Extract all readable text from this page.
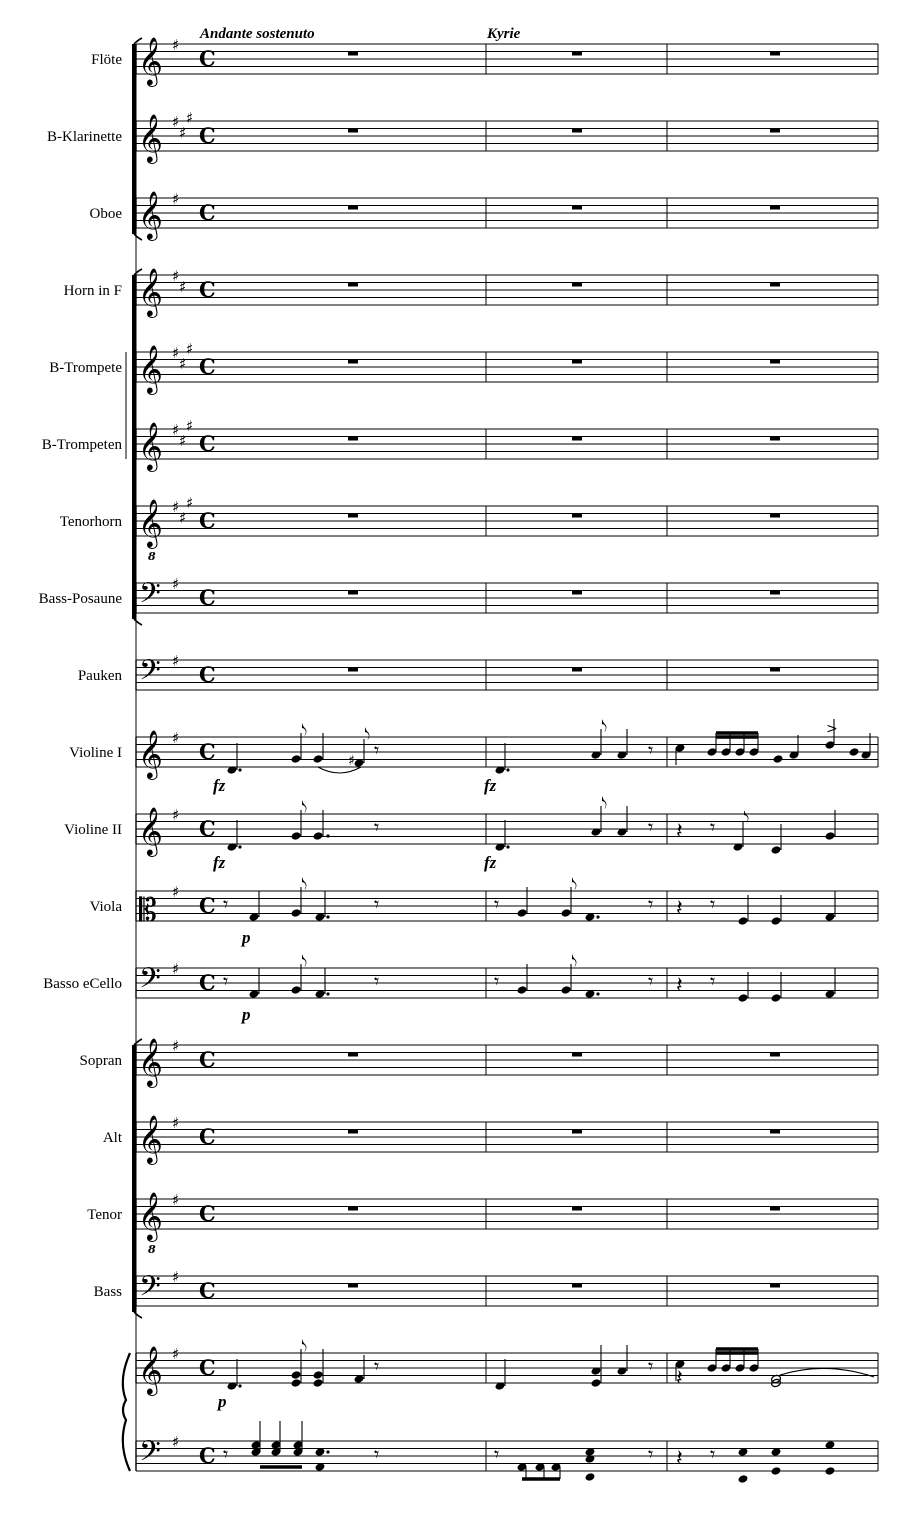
Andante sostenuto	Kyrie
Flöte 𝄞 ♯
C
B-Klarinette 𝄞 ♯
♯
♯
C
Oboe 𝄞 ♯
C
Horn in F 𝄞 ♯
♯ C
B-Trompete 𝄞 ♯
♯
♯
C
B-Trompeten 𝄞 ♯
♯
♯
C
Tenorhorn 𝄞
8
♯
♯
♯
C
Bass-Posaune 𝄢 ♯
C
Pauken 𝄢 ♯
C
Violine I 𝄞 ♯
C
𝅮	𝅮
♯ 𝄾
fz
𝅮
𝄾
fz
>
Violine II 𝄞 ♯
C
𝅮
𝄾
fz
𝅮
𝄾
fz
𝄽 𝄾 𝅮
Viola 𝄡 ♯
C 𝄾
𝅮
𝄾
p
𝄾
𝅮
𝄾 𝄽 𝄾
Basso eCello 𝄢 ♯
C 𝄾
𝅮
𝄾
p
𝄾
𝅮
𝄾 𝄽 𝄾
Sopran 𝄞 ♯
C
Alt 𝄞 ♯
C
Tenor 𝄞
8
♯
C
Bass 𝄢 ♯
C
𝄞 ♯
C
𝅮
𝄾
p
𝄾 𝄽
𝄢 ♯
C 𝄾	𝄾	𝄾	𝄾 𝄽 𝄾
